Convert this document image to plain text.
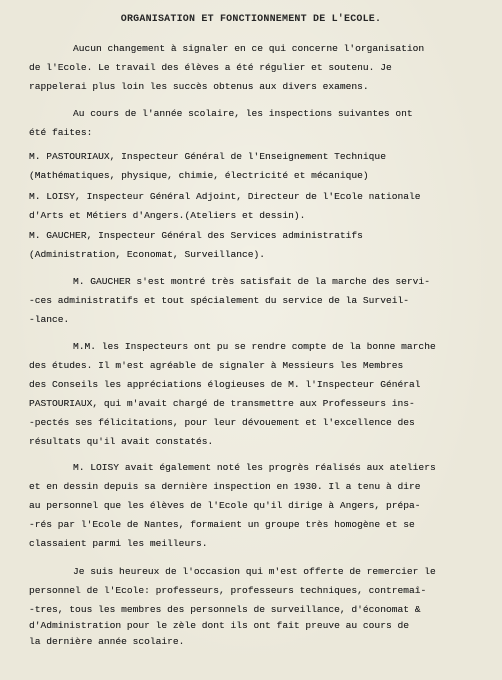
ORGANISATION ET FONCTIONNEMENT DE L'ECOLE.
Aucun changement à signaler en ce qui concerne l'organisation
de l'Ecole. Le travail des élèves a été régulier et soutenu. Je
rappelerai plus loin les succès obtenus aux divers examens.
Au cours de l'année scolaire, les inspections suivantes ont
été faites:
M. PASTOURIAUX, Inspecteur Général de l'Enseignement Technique
(Mathématiques, physique, chimie, électricité et mécanique)
M. LOISY, Inspecteur Général Adjoint, Directeur de l'Ecole nationale
d'Arts et Métiers d'Angers.(Ateliers et dessin).
M. GAUCHER, Inspecteur Général des Services administratifs
(Administration, Economat, Surveillance).
M. GAUCHER s'est montré très satisfait de la marche des servi-
-ces administratifs et tout spécialement du service de la Surveil-
-lance.
M.M. les Inspecteurs ont pu se rendre compte de la bonne marche
des études. Il m'est agréable de signaler à Messieurs les Membres
des Conseils les appréciations élogieuses de M. l'Inspecteur Général
PASTOURIAUX, qui m'avait chargé de transmettre aux Professeurs ins-
-pectés ses félicitations, pour leur dévouement et l'excellence des
résultats qu'il avait constatés.
M. LOISY avait également noté les progrès réalisés aux ateliers
et en dessin depuis sa dernière inspection en 1930. Il a tenu à dire
au personnel que les élèves de l'Ecole qu'il dirige à Angers, prépa-
-rés par l'Ecole de Nantes, formaient un groupe très homogène et se
classaient parmi les meilleurs.
Je suis heureux de l'occasion qui m'est offerte de remercier le
personnel de l'Ecole: professeurs, professeurs techniques, contremaî-
-tres, tous les membres des personnels de surveillance, d'économat &
d'Administration pour le zèle dont ils ont fait preuve au cours de
la dernière année scolaire.
